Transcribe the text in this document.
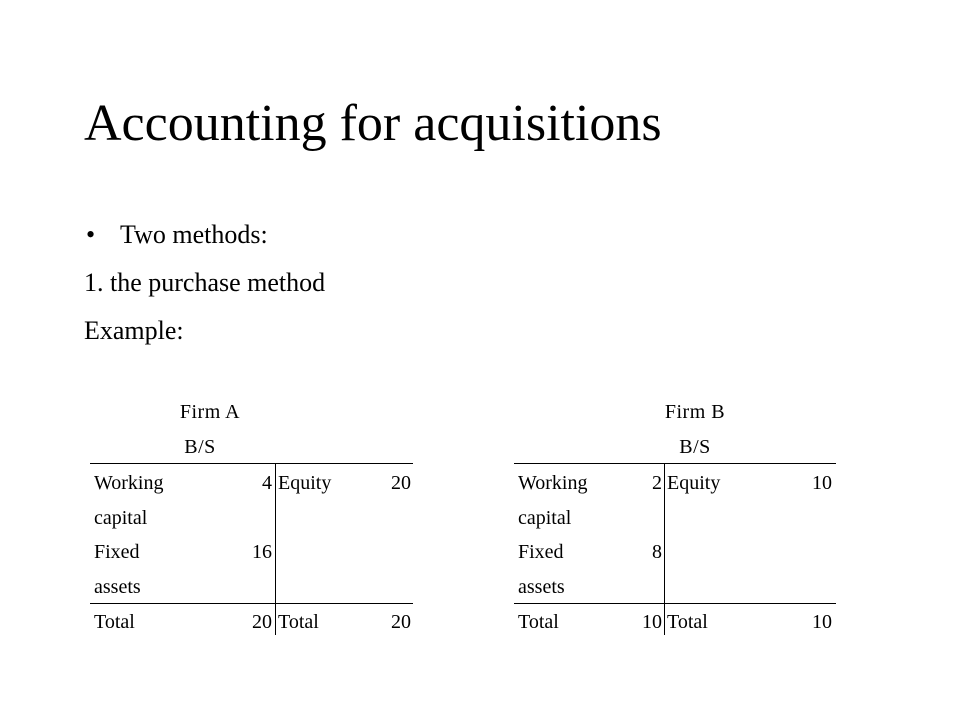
Accounting for acquisitions
• Two methods:
1. the purchase method
Example:
Firm A
B/S
Working	4 Equity	20
capital
Fixed	16
assets
Total	20 Total	20
Firm B
B/S
Working	2 Equity	10
capital
Fixed	8
assets
Total	10 Total	10
